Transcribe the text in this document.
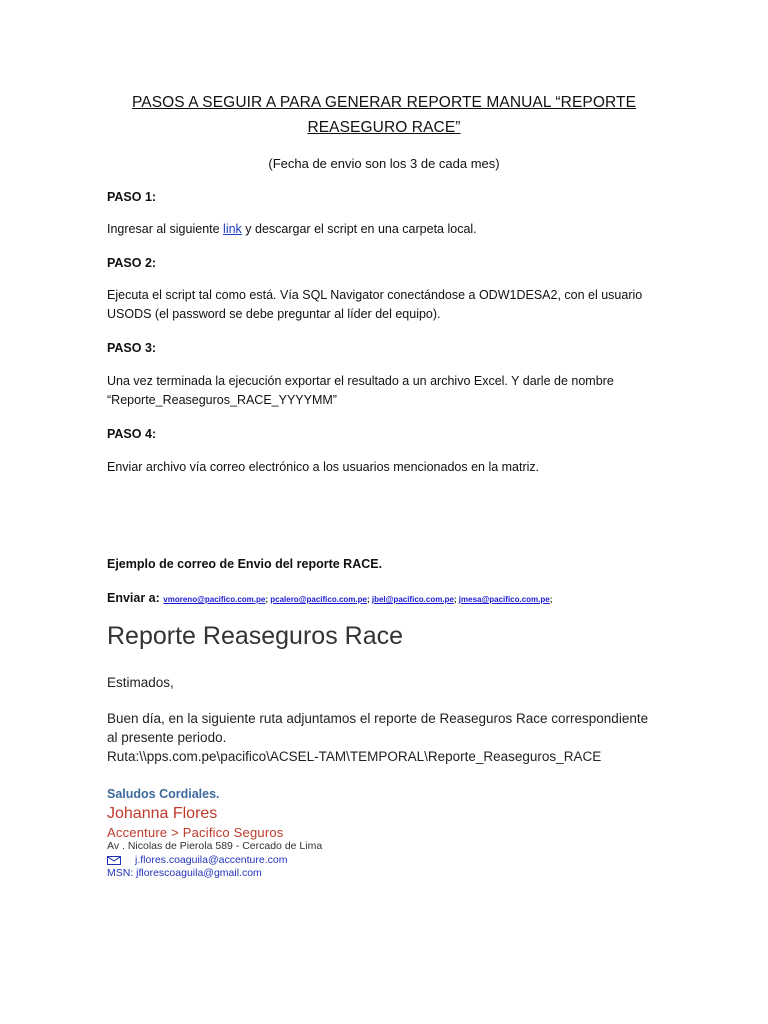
PASOS A SEGUIR A PARA GENERAR REPORTE MANUAL “REPORTE
REASEGURO RACE”
(Fecha de envio son los 3 de cada mes)
PASO 1:
Ingresar al siguiente link y descargar el script en una carpeta local.
PASO 2:
Ejecuta el script tal como está. Vía SQL Navigator conectándose a ODW1DESA2, con el usuario
USODS (el password se debe preguntar al líder del equipo).
PASO 3:
Una vez terminada la ejecución exportar el resultado a un archivo Excel. Y darle de nombre
“Reporte_Reaseguros_RACE_YYYYMM”
PASO 4:
Enviar archivo vía correo electrónico a los usuarios mencionados en la matriz.
Ejemplo de correo de Envio del reporte RACE.
Enviar a: vmoreno@pacifico.com.pe; pcalero@pacifico.com.pe; jbel@pacifico.com.pe; jmesa@pacifico.com.pe;
Reporte Reaseguros Race
Estimados,
Buen día, en la siguiente ruta adjuntamos el reporte de Reaseguros Race correspondiente
al presente periodo.
Ruta:\\pps.com.pe\pacifico\ACSEL-TAM\TEMPORAL\Reporte_Reaseguros_RACE
Saludos Cordiales.
Johanna Flores
Accenture > Pacifico Seguros
Av . Nicolas de Pierola 589 - Cercado de Lima
j.flores.coaguila@accenture.com
MSN: jflorescoaguila@gmail.com
